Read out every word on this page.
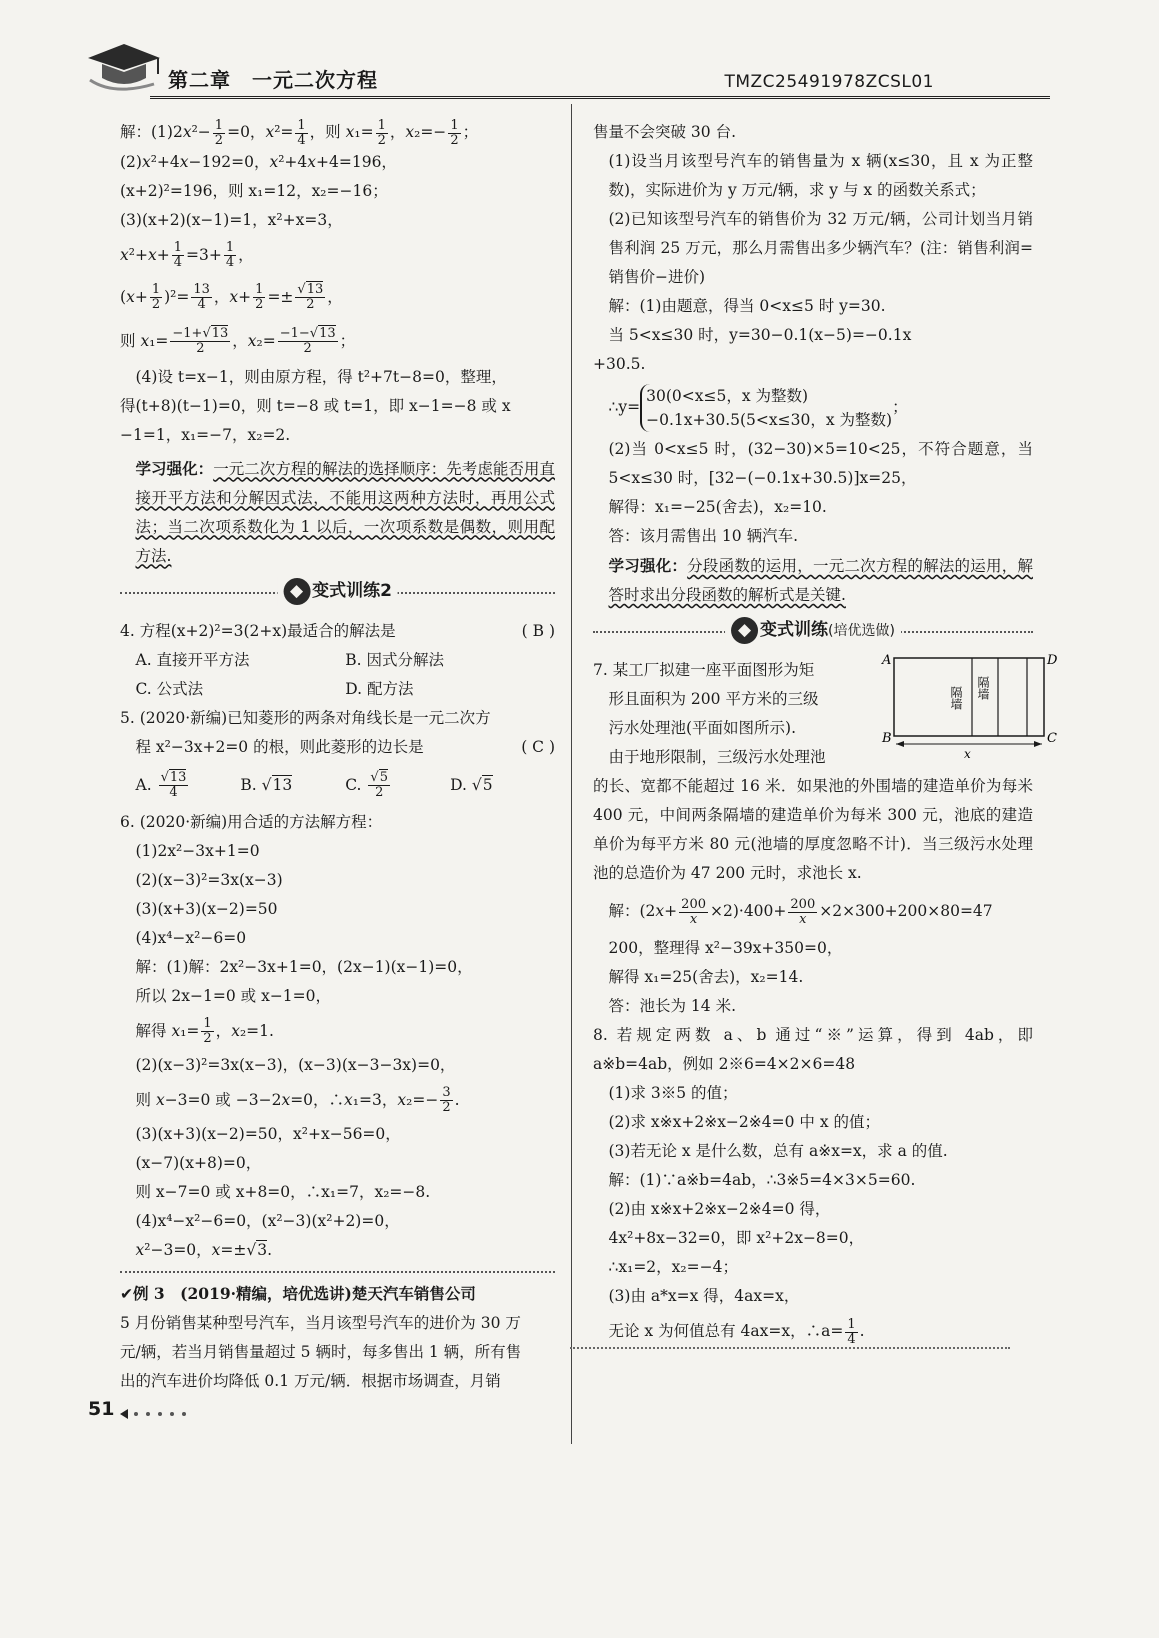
第二章　一元二次方程	TMZC25491978ZCSL01
解：$(1)2x^2- \frac{1}{2} =0$，$x^2= \frac{1}{4}$ ，则 $x_1= \frac{1}{2}$ ，$x_2=- \frac{1}{2}$ ；
(2)x²+4x−192=0，x²+4x+4=196，
(x+2)²=196，则 x₁=12，x₂=−16；
(3)(x+2)(x−1)=1，x²+x=3，
$x^2+x+ \frac{1}{4} =3+ \frac{1}{4}$ ，
$(x+ \frac{1}{2} )^2= \frac{13}{4}$ ，$x+ \frac{1}{2} =\pm \frac{√13}{2}$ ，
则 $x_1= \frac{-1+√13}{2}$ ，$x_2= \frac{-1-√13}{2}$ ；
(4)设 t=x−1，则由原方程，得 t²+7t−8=0，整理，
得(t+8)(t−1)=0，则 t=−8 或 t=1，即 x−1=−8 或 x
−1=1，x₁=−7，x₂=2.
学习强化：一元二次方程的解法的选择顺序：先考虑能否用直接开平方法和分解因式法，不能用这两种方法时，再用公式法；当二次项系数化为 1 以后，一次项系数是偶数，则用配方法.
◆ 变式训练2
4. 方程(x+2)²=3(2+x)最适合的解法是	( B )
A. 直接开平方法	B. 因式分解法
C. 公式法	D. 配方法
5. (2020·新编)已知菱形的两条对角线长是一元二次方
程 x²−3x+2=0 的根，则此菱形的边长是	( C )
A. $\frac{√13}{4}$	B. √13	C. $\frac{√5}{2}$	D. √5
6. (2020·新编)用合适的方法解方程：
(1)2x²−3x+1=0
(2)(x−3)²=3x(x−3)
(3)(x+3)(x−2)=50
(4)x⁴−x²−6=0
解：(1)解：2x²−3x+1=0，(2x−1)(x−1)=0，
所以 2x−1=0 或 x−1=0，
解得 $x_1= \frac{1}{2}$ ，x₂=1.
(2)(x−3)²=3x(x−3)，(x−3)(x−3−3x)=0，
则 x−3=0 或 −3−2x=0，∴x₁=3，$x_2=- \frac{3}{2}$ .
(3)(x+3)(x−2)=50，x²+x−56=0，
(x−7)(x+8)=0，
则 x−7=0 或 x+8=0，∴x₁=7，x₂=−8.
(4)x⁴−x²−6=0，(x²−3)(x²+2)=0，
x²−3=0，x=±√3.
✔例 3　(2019·精编，培优选讲)楚天汽车销售公司
5 月份销售某种型号汽车，当月该型号汽车的进价为 30 万
元/辆，若当月销售量超过 5 辆时，每多售出 1 辆，所有售
出的汽车进价均降低 0.1 万元/辆．根据市场调查，月销
售量不会突破 30 台.
(1)设当月该型号汽车的销售量为 x 辆(x≤30，且 x 为正整数)，实际进价为 y 万元/辆，求 y 与 x 的函数关系式；
(2)已知该型号汽车的销售价为 32 万元/辆，公司计划当月销售利润 25 万元，那么月需售出多少辆汽车？(注：销售利润=销售价−进价)
解：(1)由题意，得当 0<x≤5 时 y=30.
当 5<x≤30 时，y=30−0.1(x−5)=−0.1x
+30.5.
∴y=
30(0<x≤5，x 为整数)
−0.1x+30.5(5<x≤30，x 为整数)
；
(2)当 0<x≤5 时，(32−30)×5=10<25，不符合题意，当 5<x≤30 时，[32−(−0.1x+30.5)]x=25，
解得：x₁=−25(舍去)，x₂=10.
答：该月需售出 10 辆汽车.
学习强化：分段函数的运用，一元二次方程的解法的运用，解答时求出分段函数的解析式是关键.
◆ 变式训练(培优选做)
7. 某工厂拟建一座平面图形为矩
形且面积为 200 平方米的三级
污水处理池(平面如图所示).
由于地形限制，三级污水处理池
的长、宽都不能超过 16 米．如果池的外围墙的建造单价为每米 400 元，中间两条隔墙的建造单价为每米 300 元，池底的建造单价为每平方米 80 元(池墙的厚度忽略不计)．当三级污水处理池的总造价为 47 200 元时，求池长 x.
解：$(2x+ \frac{200}{x} \times 2)\cdot 400+ \frac{200}{x} \times 2\times 300+200\times 80=47$
200，整理得 x²−39x+350=0，
解得 x₁=25(舍去)，x₂=14.
答：池长为 14 米.
8. 若规定两数 a、b 通过“※”运算，得到 4ab，即 a※b=4ab，例如 2※6=4×2×6=48
(1)求 3※5 的值；
(2)求 x※x+2※x−2※4=0 中 x 的值；
(3)若无论 x 是什么数，总有 a※x=x，求 a 的值.
解：(1)∵a※b=4ab，∴3※5=4×3×5=60.
(2)由 x※x+2※x−2※4=0 得，
4x²+8x−32=0，即 x²+2x−8=0，
∴x₁=2，x₂=−4；
(3)由 a*x=x 得，4ax=x，
无论 x 为何值总有 4ax=x，∴a= $\frac{1}{4}$ .
A
B	C
D
隔墙 隔墙
x
51
